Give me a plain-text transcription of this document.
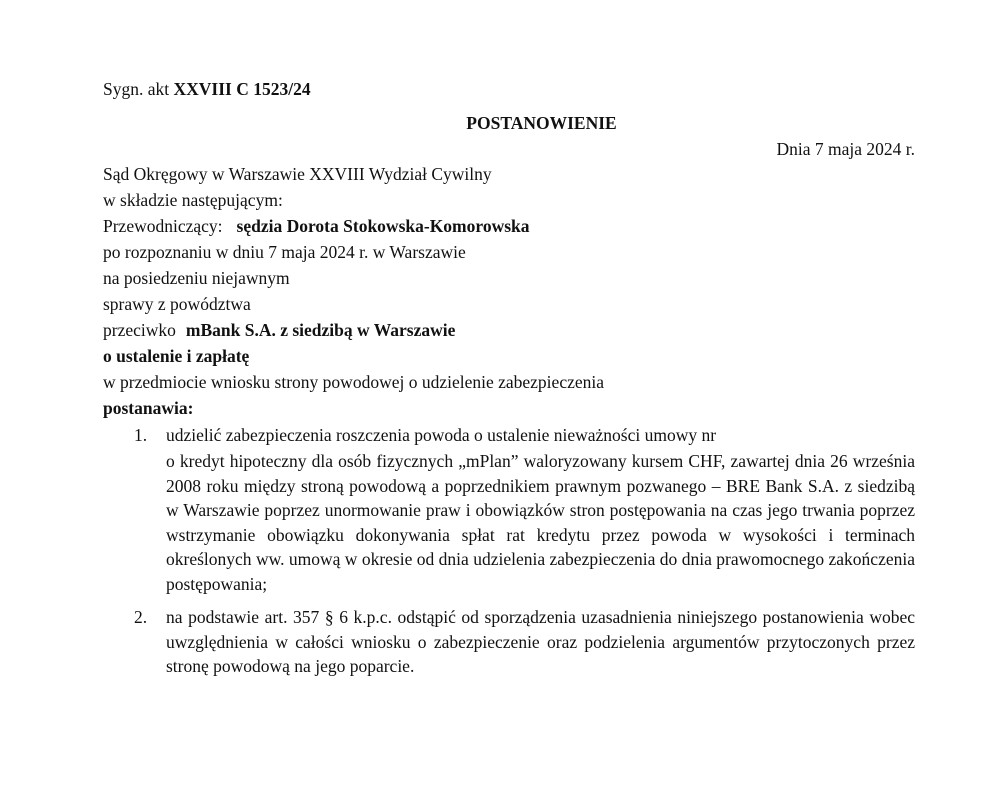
Sygn. akt XXVIII C 1523/24
POSTANOWIENIE
Dnia 7 maja 2024 r.
Sąd Okręgowy w Warszawie XXVIII Wydział Cywilny
w składzie następującym:
Przewodniczący: sędzia Dorota Stokowska-Komorowska
po rozpoznaniu w dniu 7 maja 2024 r. w Warszawie
na posiedzeniu niejawnym
sprawy z powództwa
przeciwko mBank S.A. z siedzibą w Warszawie
o ustalenie i zapłatę
w przedmiocie wniosku strony powodowej o udzielenie zabezpieczenia
postanawia:
1. udzielić zabezpieczenia roszczenia powoda o ustalenie nieważności umowy nr
o kredyt hipoteczny dla osób fizycznych „mPlan” waloryzowany kursem CHF, zawartej dnia 26 września 2008 roku między stroną powodową a poprzednikiem prawnym pozwanego – BRE Bank S.A. z siedzibą w Warszawie poprzez unormowanie praw i obowiązków stron postępowania na czas jego trwania poprzez wstrzymanie obowiązku dokonywania spłat rat kredytu przez powoda w wysokości i terminach określonych ww. umową w okresie od dnia udzielenia zabezpieczenia do dnia prawomocnego zakończenia postępowania;
2. na podstawie art. 357 § 6 k.p.c. odstąpić od sporządzenia uzasadnienia niniejszego postanowienia wobec uwzględnienia w całości wniosku o zabezpieczenie oraz podzielenia argumentów przytoczonych przez stronę powodową na jego poparcie.
